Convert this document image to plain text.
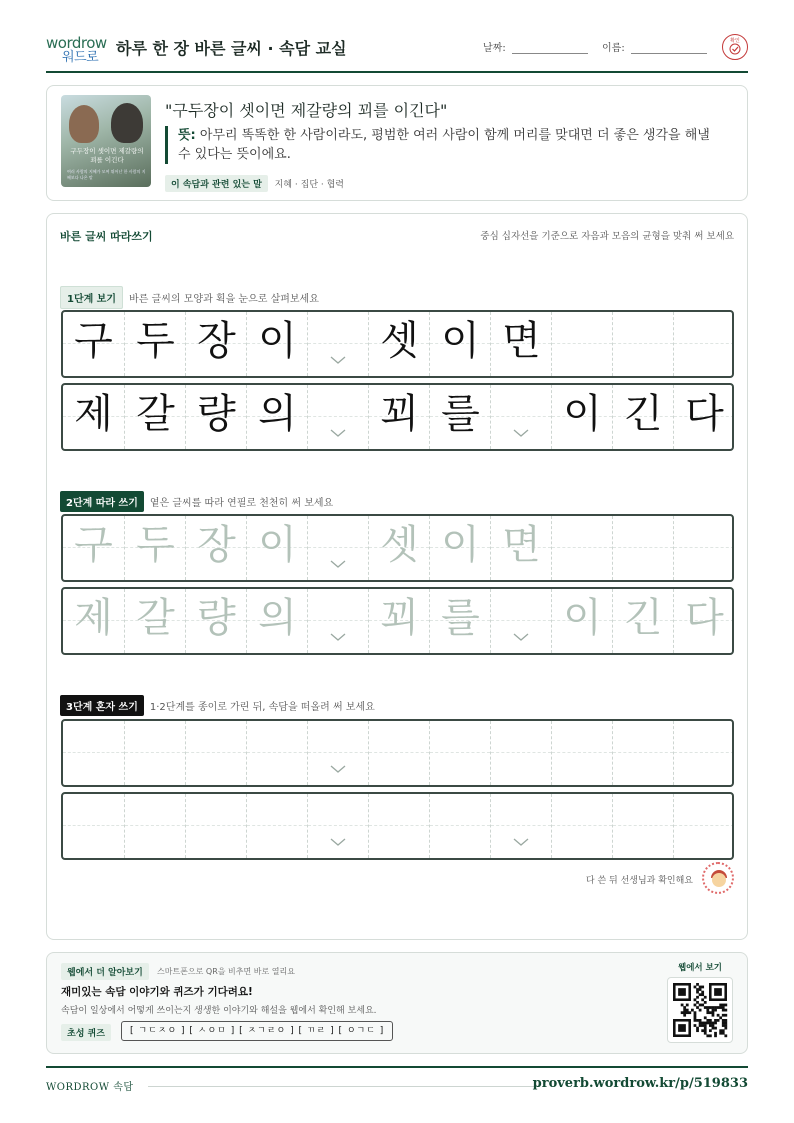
wordrow
워드로 하루 한 장 바른 글씨 · 속담 교실	날짜:	이름:
확인
구두장이 셋이면 제갈량의 꾀를 이긴다
여러 사람의 지혜가 모여 뛰어난 한 사람의 지혜보다 나은 말
"구두장이 셋이면 제갈량의 꾀를 이긴다"
뜻: 아무리 똑똑한 한 사람이라도, 평범한 여러 사람이 함께 머리를 맞대면 더 좋은 생각을 해낼 수 있다는 뜻이에요.
이 속담과 관련 있는 말 지혜 · 집단 · 협력
바른 글씨 따라쓰기	중심 십자선을 기준으로 자음과 모음의 균형을 맞춰 써 보세요
1단계 보기 바른 글씨의 모양과 획을 눈으로 살펴보세요
구 두 장 이 셋 이 면
제 갈 량 의 꾀 를 이 긴 다
2단계 따라 쓰기 옅은 글씨를 따라 연필로 천천히 써 보세요
구 두 장 이 셋 이 면
제 갈 량 의 꾀 를 이 긴 다
3단계 혼자 쓰기 1·2단계를 종이로 가린 뒤, 속담을 떠올려 써 보세요
다 쓴 뒤 선생님과 확인해요
웹에서 더 알아보기	스마트폰으로 QR을 비추면 바로 열리요
재미있는 속담 이야기와 퀴즈가 기다려요!
속담이 일상에서 어떻게 쓰이는지 생생한 이야기와 해설을 웹에서 확인해 보세요.
초성 퀴즈	[ ㄱㄷㅈㅇ ] [ ㅅㅇㅁ ] [ ㅈㄱㄹㅇ ] [ ㄲㄹ ] [ ㅇㄱㄷ ]
웹에서 보기
WORDROW 속담	proverb.wordrow.kr/p/519833
